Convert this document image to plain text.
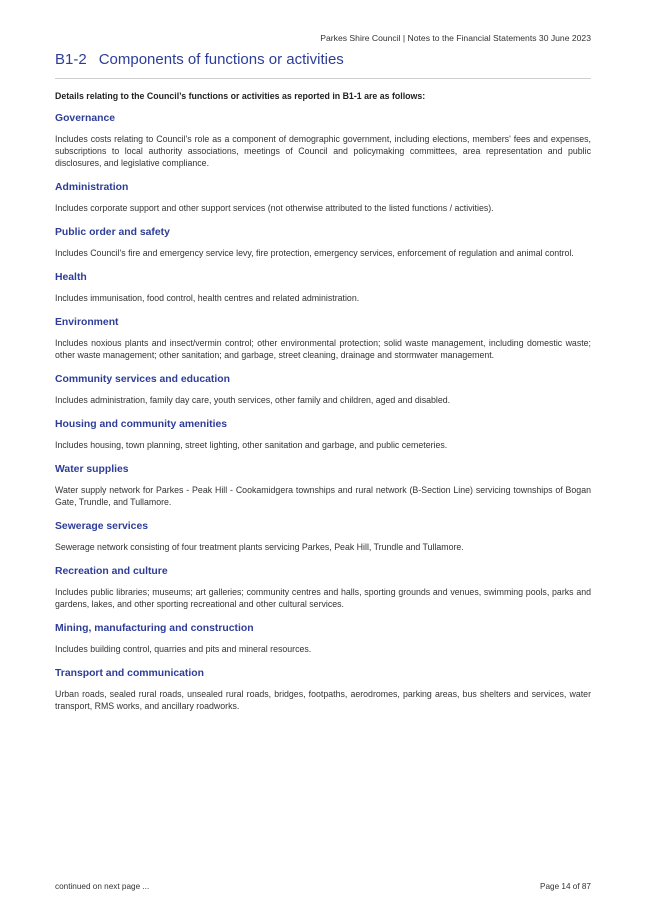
Parkes Shire Council | Notes to the Financial Statements 30 June 2023
B1-2 Components of functions or activities

Details relating to the Council’s functions or activities as reported in B1-1 are as follows:

Governance

Includes costs relating to Council's role as a component of demographic government, including elections, members' fees and expenses, subscriptions to local authority associations, meetings of Council and policymaking committees, area representation and public disclosures, and legislative compliance.

Administration

Includes corporate support and other support services (not otherwise attributed to the listed functions / activities).

Public order and safety

Includes Council's fire and emergency service levy, fire protection, emergency services, enforcement of regulation and animal control.

Health

Includes immunisation, food control, health centres and related administration.

Environment

Includes noxious plants and insect/vermin control; other environmental protection; solid waste management, including domestic waste; other waste management; other sanitation; and garbage, street cleaning, drainage and stormwater management.

Community services and education

Includes administration, family day care, youth services, other family and children, aged and disabled.

Housing and community amenities

Includes housing, town planning, street lighting, other sanitation and garbage, and public cemeteries.

Water supplies

Water supply network for Parkes - Peak Hill - Cookamidgera townships and rural network (B-Section Line) servicing townships of Bogan Gate, Trundle, and Tullamore.

Sewerage services

Sewerage network consisting of four treatment plants servicing Parkes, Peak Hill, Trundle and Tullamore.

Recreation and culture

Includes public libraries; museums; art galleries; community centres and halls, sporting grounds and venues, swimming pools, parks and gardens, lakes, and other sporting recreational and other cultural services.

Mining, manufacturing and construction

Includes building control, quarries and pits and mineral resources.

Transport and communication

Urban roads, sealed rural roads, unsealed rural roads, bridges, footpaths, aerodromes, parking areas, bus shelters and services, water transport, RMS works, and ancillary roadworks.

continued on next page ...	Page 14 of 87
